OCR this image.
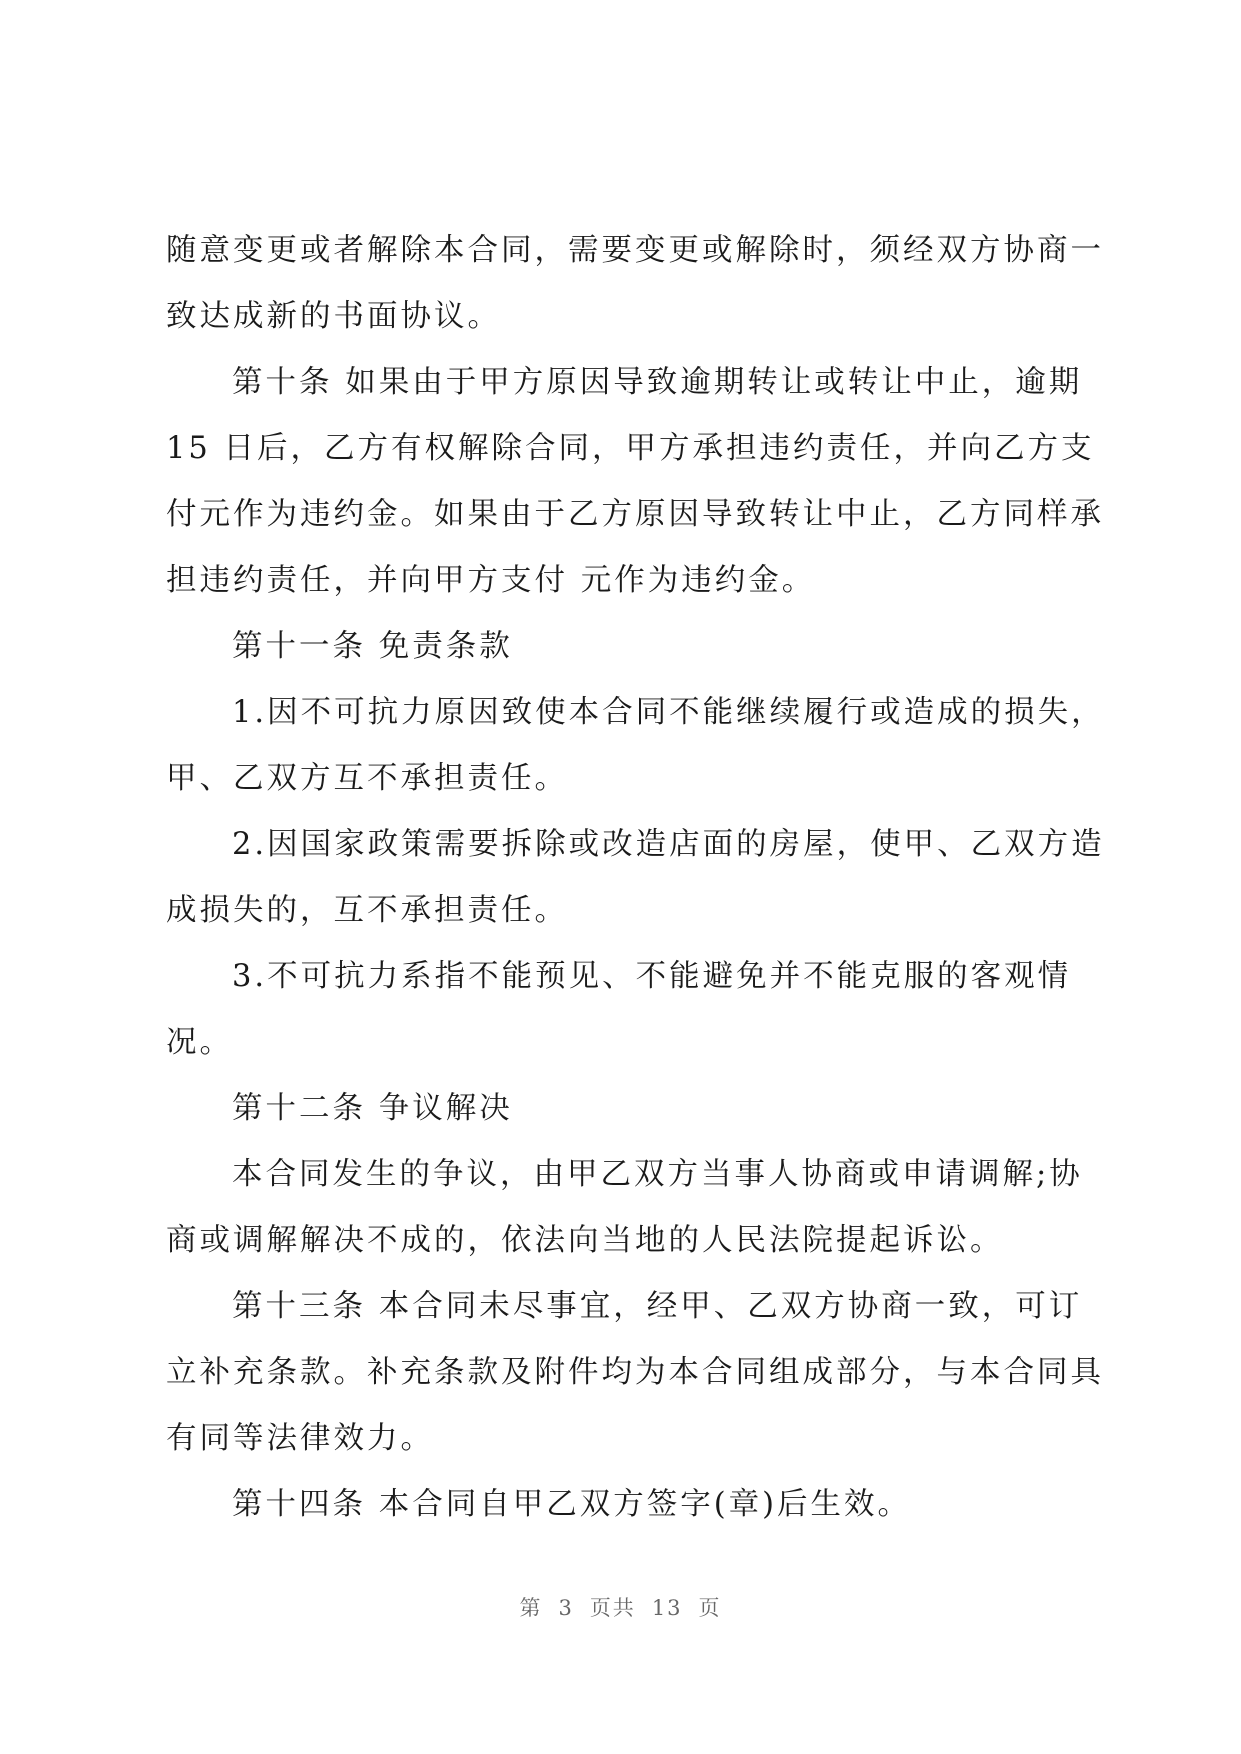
随意变更或者解除本合同，需要变更或解除时，须经双方协商一
致达成新的书面协议。
第十条 如果由于甲方原因导致逾期转让或转让中止，逾期
15 日后，乙方有权解除合同，甲方承担违约责任，并向乙方支
付元作为违约金。如果由于乙方原因导致转让中止，乙方同样承
担违约责任，并向甲方支付 元作为违约金。
第十一条 免责条款
1.因不可抗力原因致使本合同不能继续履行或造成的损失，
甲、乙双方互不承担责任。
2.因国家政策需要拆除或改造店面的房屋，使甲、乙双方造
成损失的，互不承担责任。
3.不可抗力系指不能预见、不能避免并不能克服的客观情
况。
第十二条 争议解决
本合同发生的争议，由甲乙双方当事人协商或申请调解;协
商或调解解决不成的，依法向当地的人民法院提起诉讼。
第十三条 本合同未尽事宜，经甲、乙双方协商一致，可订
立补充条款。补充条款及附件均为本合同组成部分，与本合同具
有同等法律效力。
第十四条 本合同自甲乙双方签字(章)后生效。
第 3 页共 13 页
